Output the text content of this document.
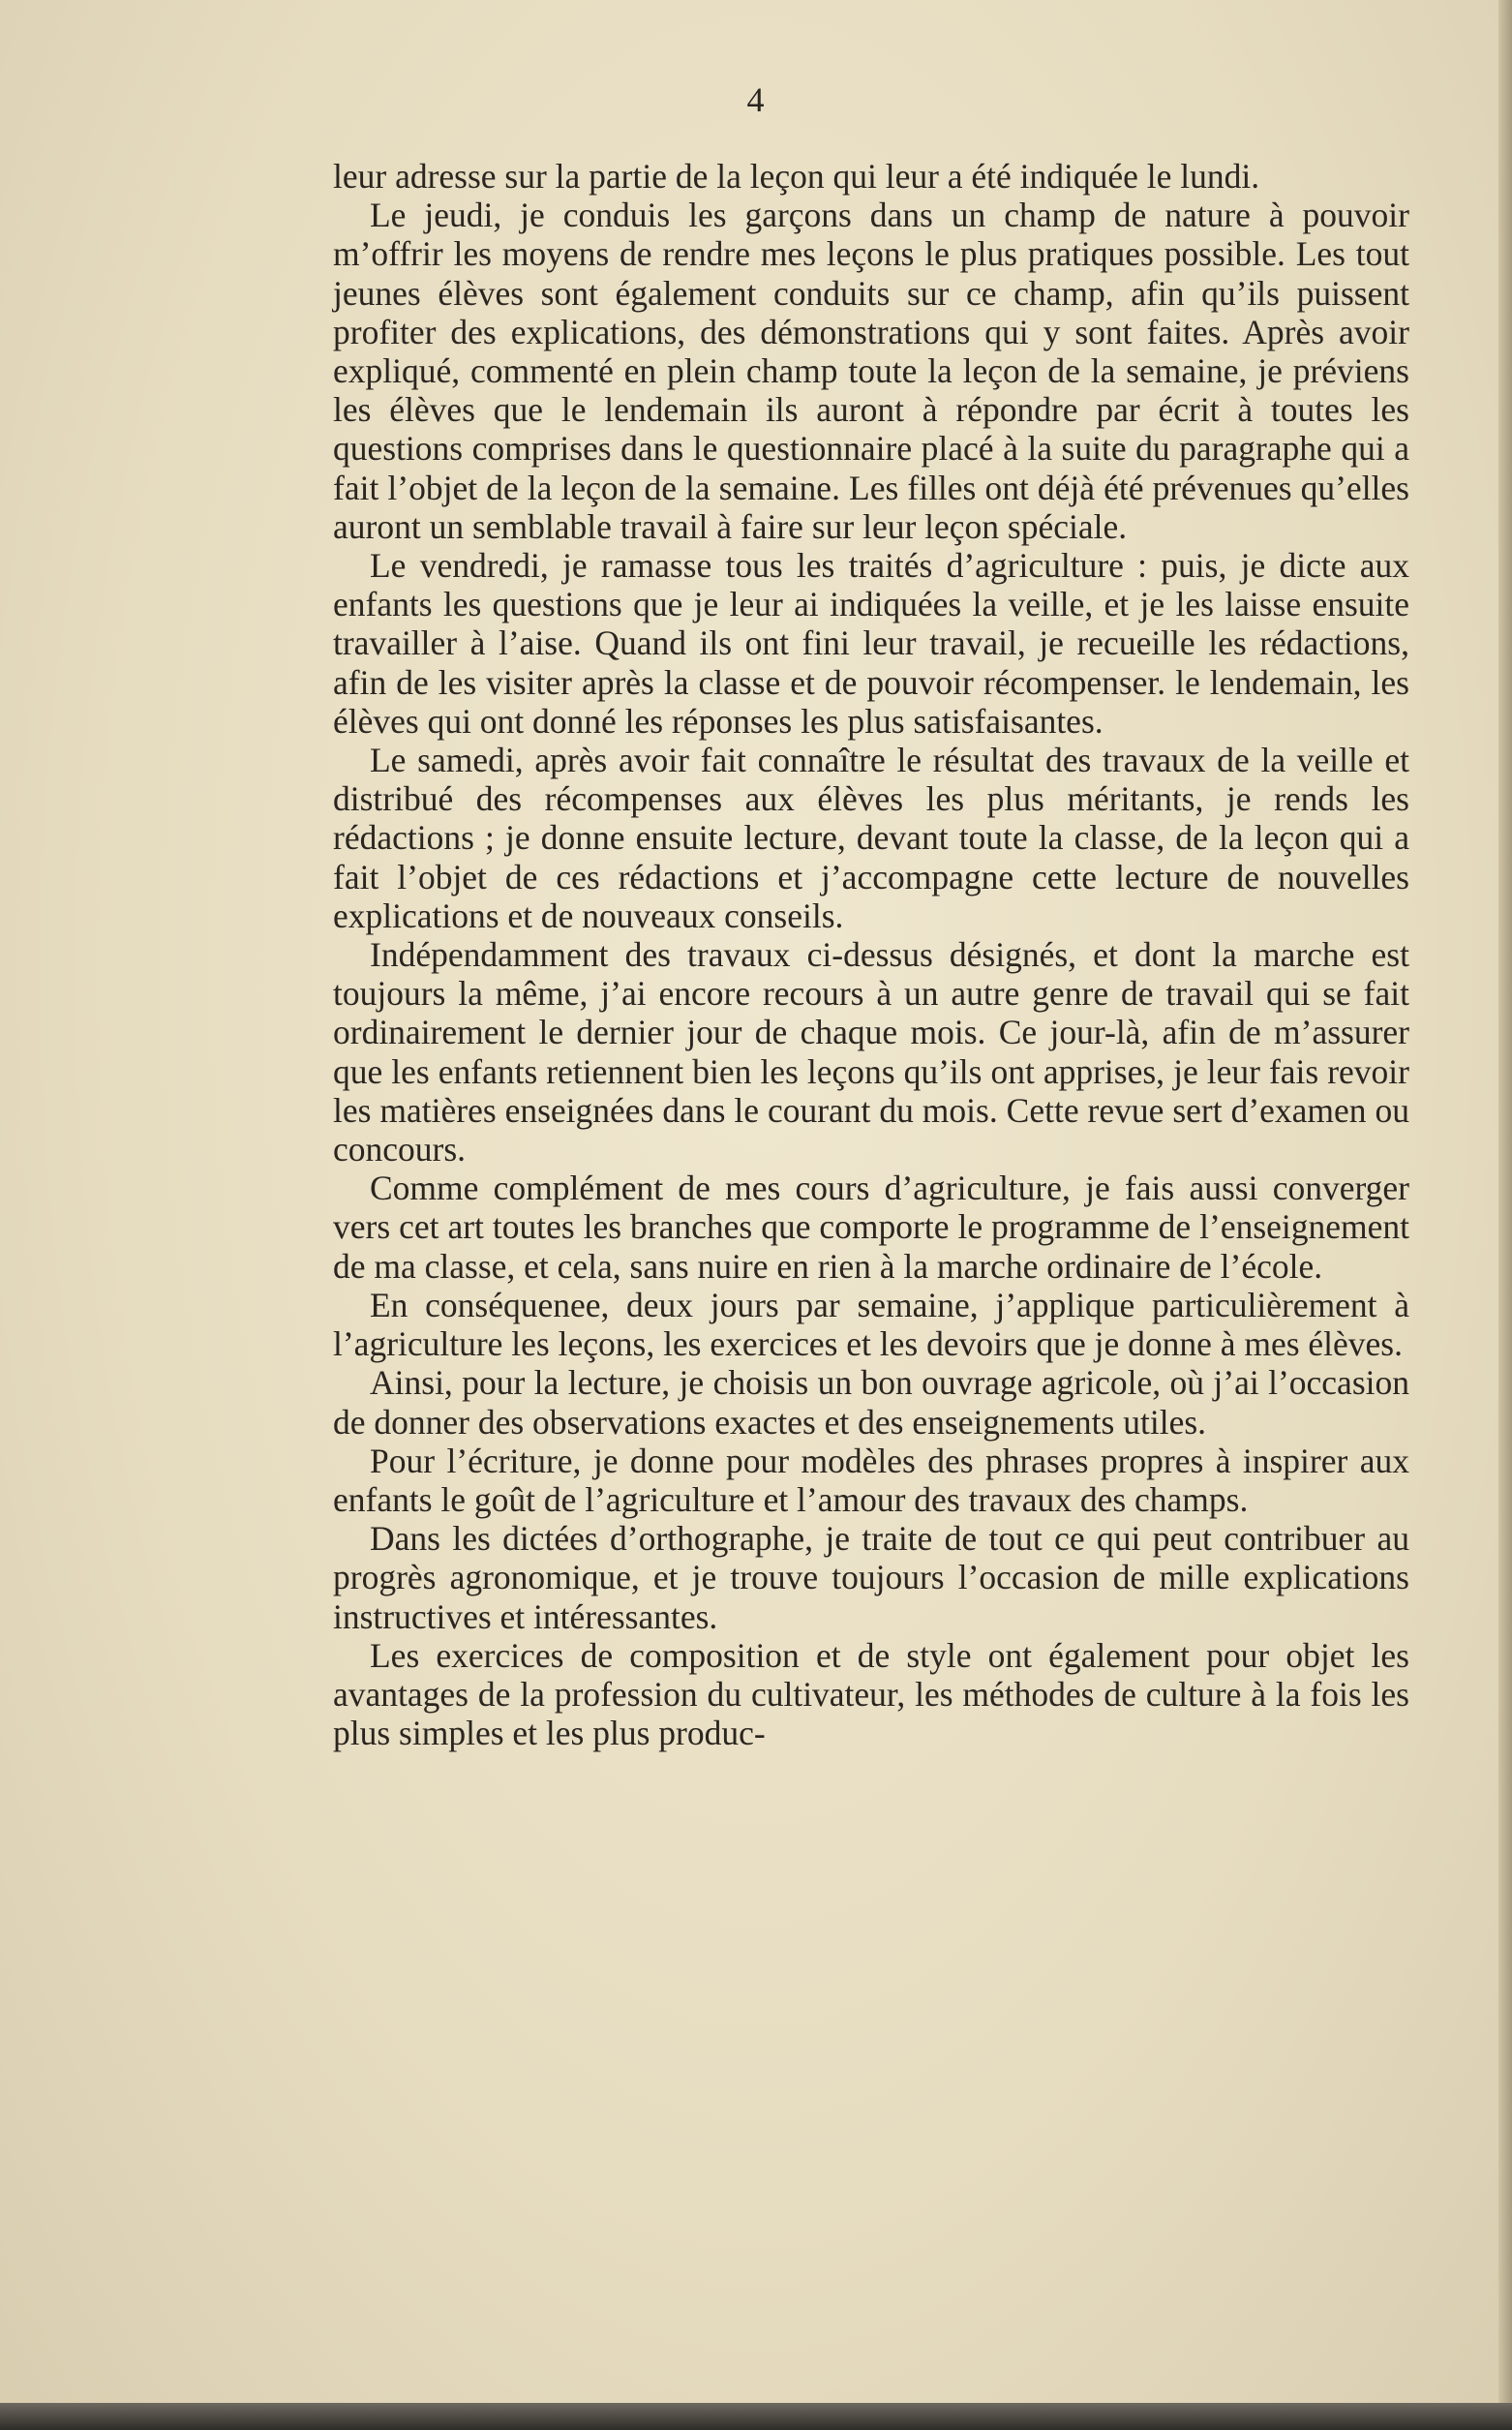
4

leur adresse sur la partie de la leçon qui leur a été indiquée le lundi.

Le jeudi, je conduis les garçons dans un champ de nature à pouvoir m’offrir les moyens de rendre mes leçons le plus pratiques possible. Les tout jeunes élèves sont également conduits sur ce champ, afin qu’ils puissent profiter des explications, des démonstrations qui y sont faites. Après avoir expliqué, commenté en plein champ toute la leçon de la semaine, je préviens les élèves que le lendemain ils auront à répondre par écrit à toutes les questions comprises dans le questionnaire placé à la suite du paragraphe qui a fait l’objet de la leçon de la semaine. Les filles ont déjà été prévenues qu’elles auront un semblable travail à faire sur leur leçon spéciale.

Le vendredi, je ramasse tous les traités d’agriculture : puis, je dicte aux enfants les questions que je leur ai indiquées la veille, et je les laisse ensuite travailler à l’aise. Quand ils ont fini leur travail, je recueille les rédactions, afin de les visiter après la classe et de pouvoir récompenser. le lendemain, les élèves qui ont donné les réponses les plus satisfaisantes.

Le samedi, après avoir fait connaître le résultat des travaux de la veille et distribué des récompenses aux élèves les plus méritants, je rends les rédactions ; je donne ensuite lecture, devant toute la classe, de la leçon qui a fait l’objet de ces rédactions et j’accompagne cette lecture de nouvelles explications et de nouveaux conseils.

Indépendamment des travaux ci-dessus désignés, et dont la marche est toujours la même, j’ai encore recours à un autre genre de travail qui se fait ordinairement le dernier jour de chaque mois. Ce jour-là, afin de m’assurer que les enfants retiennent bien les leçons qu’ils ont apprises, je leur fais revoir les matières enseignées dans le courant du mois. Cette revue sert d’examen ou concours.

Comme complément de mes cours d’agriculture, je fais aussi converger vers cet art toutes les branches que comporte le programme de l’enseignement de ma classe, et cela, sans nuire en rien à la marche ordinaire de l’école.

En conséquenee, deux jours par semaine, j’applique particulièrement à l’agriculture les leçons, les exercices et les devoirs que je donne à mes élèves.

Ainsi, pour la lecture, je choisis un bon ouvrage agricole, où j’ai l’occasion de donner des observations exactes et des enseignements utiles.

Pour l’écriture, je donne pour modèles des phrases propres à inspirer aux enfants le goût de l’agriculture et l’amour des travaux des champs.

Dans les dictées d’orthographe, je traite de tout ce qui peut contribuer au progrès agronomique, et je trouve toujours l’occasion de mille explications instructives et intéressantes.

Les exercices de composition et de style ont également pour objet les avantages de la profession du cultivateur, les méthodes de culture à la fois les plus simples et les plus produc-
